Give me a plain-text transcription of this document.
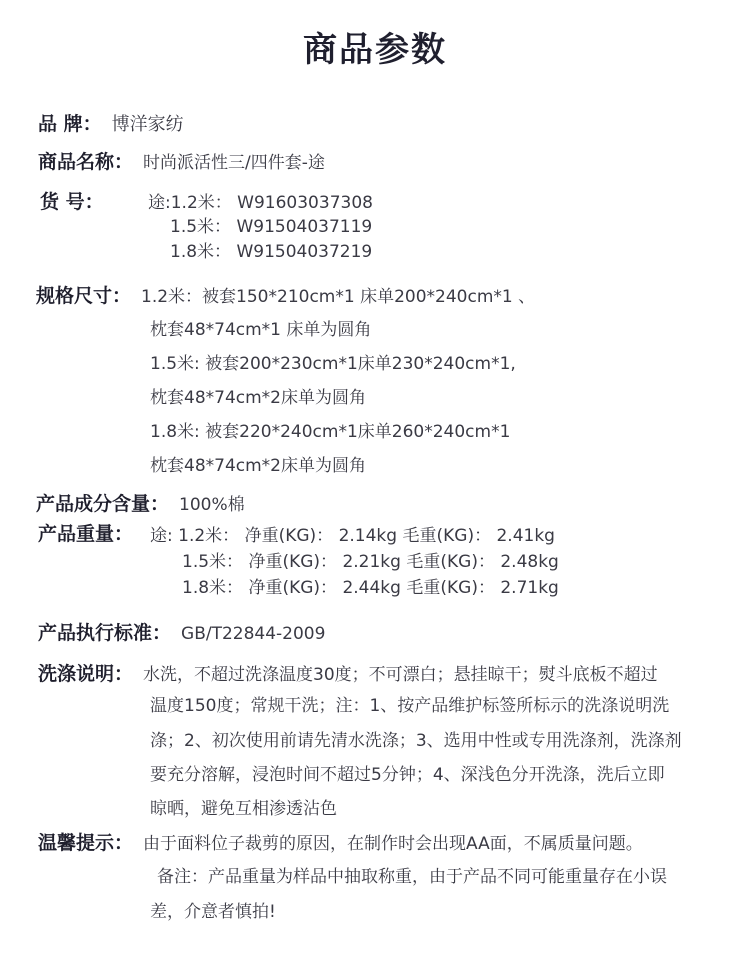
商品参数
品 牌： 博洋家纺
商品名称： 时尚派活性三/四件套-途
货 号：	途:1.2米： W91603037308
1.5米： W91504037119
1.8米： W91504037219
规格尺寸： 1.2米：被套150*210cm*1 床单200*240cm*1 、
枕套48*74cm*1 床单为圆角
1.5米: 被套200*230cm*1床单230*240cm*1,
枕套48*74cm*2床单为圆角
1.8米: 被套220*240cm*1床单260*240cm*1
枕套48*74cm*2床单为圆角
产品成分含量： 100%棉
产品重量： 途: 1.2米： 净重(KG)： 2.14kg 毛重(KG)： 2.41kg
1.5米： 净重(KG)： 2.21kg 毛重(KG)： 2.48kg
1.8米： 净重(KG)： 2.44kg 毛重(KG)： 2.71kg
产品执行标准： GB/T22844-2009
洗涤说明： 水洗，不超过洗涤温度30度；不可漂白；悬挂晾干；熨斗底板不超过
温度150度；常规干洗；注：1、按产品维护标签所标示的洗涤说明洗
涤；2、初次使用前请先清水洗涤；3、选用中性或专用洗涤剂，洗涤剂
要充分溶解，浸泡时间不超过5分钟；4、深浅色分开洗涤，洗后立即
晾晒，避免互相渗透沾色
温馨提示： 由于面料位子裁剪的原因，在制作时会出现AA面，不属质量问题。
备注：产品重量为样品中抽取称重，由于产品不同可能重量存在小误
差，介意者慎拍!
